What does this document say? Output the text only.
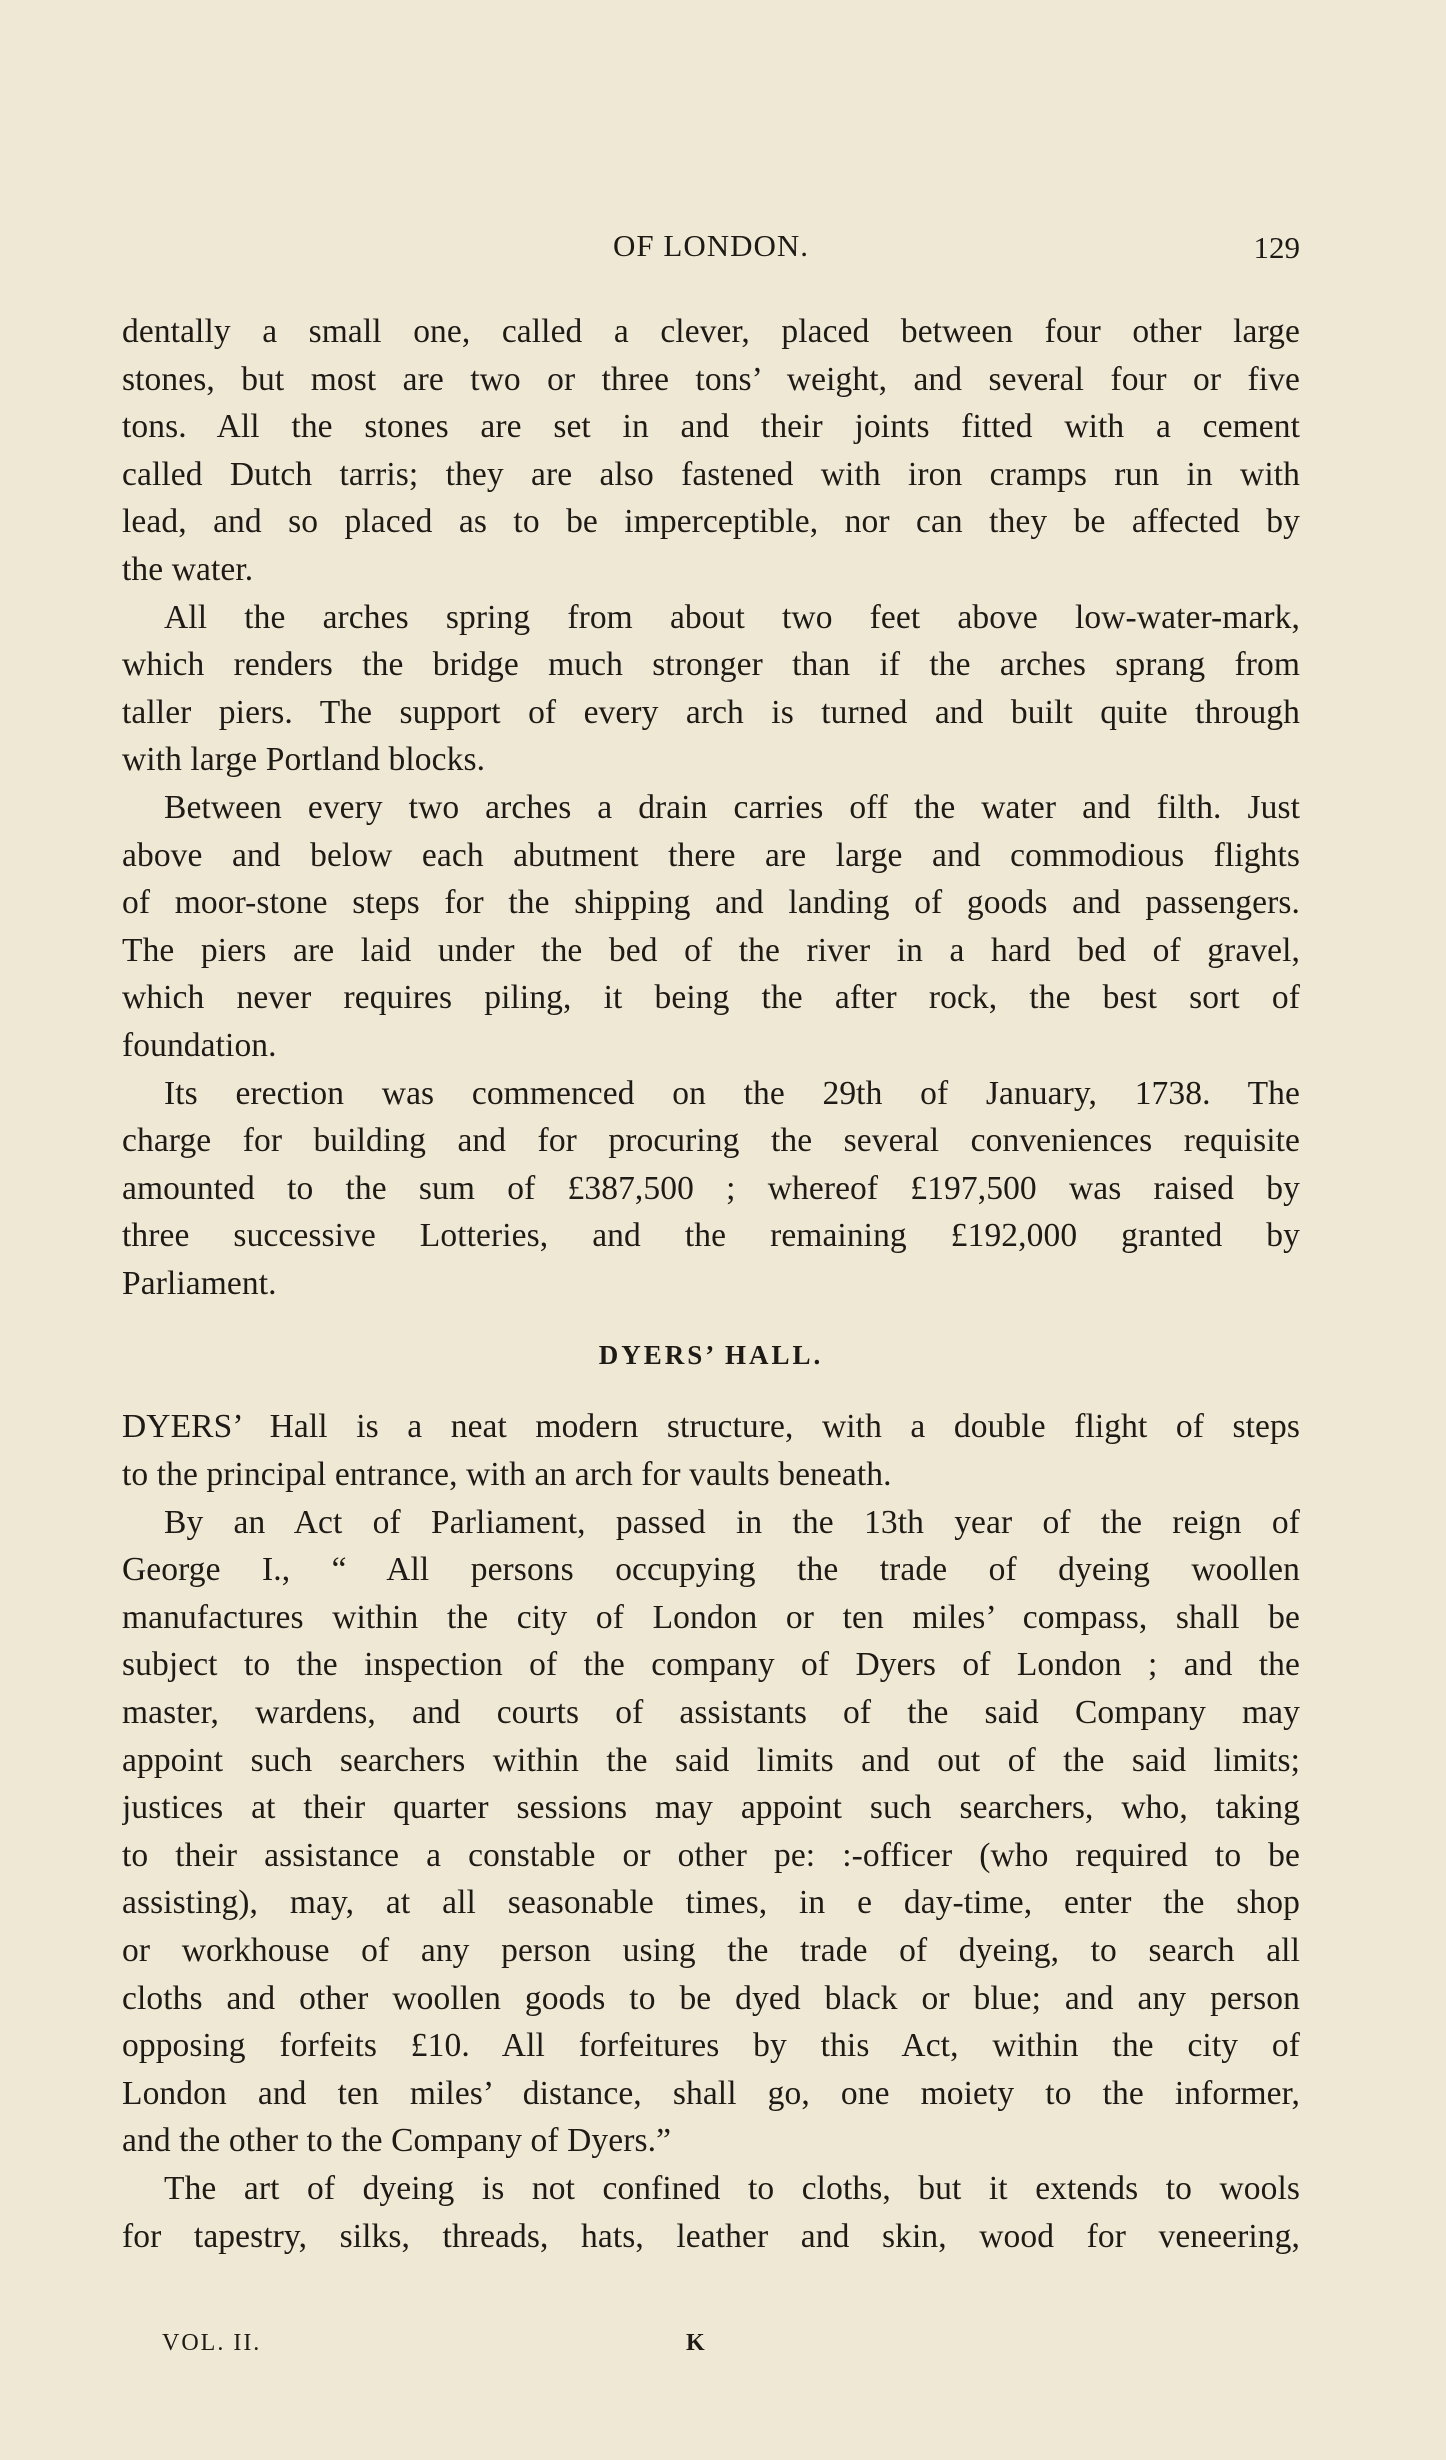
OF LONDON.	129
dentally a small one, called a clever, placed between four other large
stones, but most are two or three tons’ weight, and several four or five
tons. All the stones are set in and their joints fitted with a cement
called Dutch tarris; they are also fastened with iron cramps run in with
lead, and so placed as to be imperceptible, nor can they be affected by
the water.
All the arches spring from about two feet above low-water-mark,
which renders the bridge much stronger than if the arches sprang from
taller piers. The support of every arch is turned and built quite through
with large Portland blocks.
Between every two arches a drain carries off the water and filth. Just
above and below each abutment there are large and commodious flights
of moor-stone steps for the shipping and landing of goods and passengers.
The piers are laid under the bed of the river in a hard bed of gravel,
which never requires piling, it being the after rock, the best sort of
foundation.
Its erection was commenced on the 29th of January, 1738. The
charge for building and for procuring the several conveniences requisite
amounted to the sum of £387,500 ; whereof £197,500 was raised by
three successive Lotteries, and the remaining £192,000 granted by
Parliament.
DYERS’ HALL.
DYERS’ Hall is a neat modern structure, with a double flight of steps
to the principal entrance, with an arch for vaults beneath.
By an Act of Parliament, passed in the 13th year of the reign of
George I., “ All persons occupying the trade of dyeing woollen
manufactures within the city of London or ten miles’ compass, shall be
subject to the inspection of the company of Dyers of London ; and the
master, wardens, and courts of assistants of the said Company may
appoint such searchers within the said limits and out of the said limits;
justices at their quarter sessions may appoint such searchers, who, taking
to their assistance a constable or other pe: :-officer (who required to be
assisting), may, at all seasonable times, in e day-time, enter the shop
or workhouse of any person using the trade of dyeing, to search all
cloths and other woollen goods to be dyed black or blue; and any person
opposing forfeits £10. All forfeitures by this Act, within the city of
London and ten miles’ distance, shall go, one moiety to the informer,
and the other to the Company of Dyers.”
The art of dyeing is not confined to cloths, but it extends to wools
for tapestry, silks, threads, hats, leather and skin, wood for veneering,
VOL. II.	K
